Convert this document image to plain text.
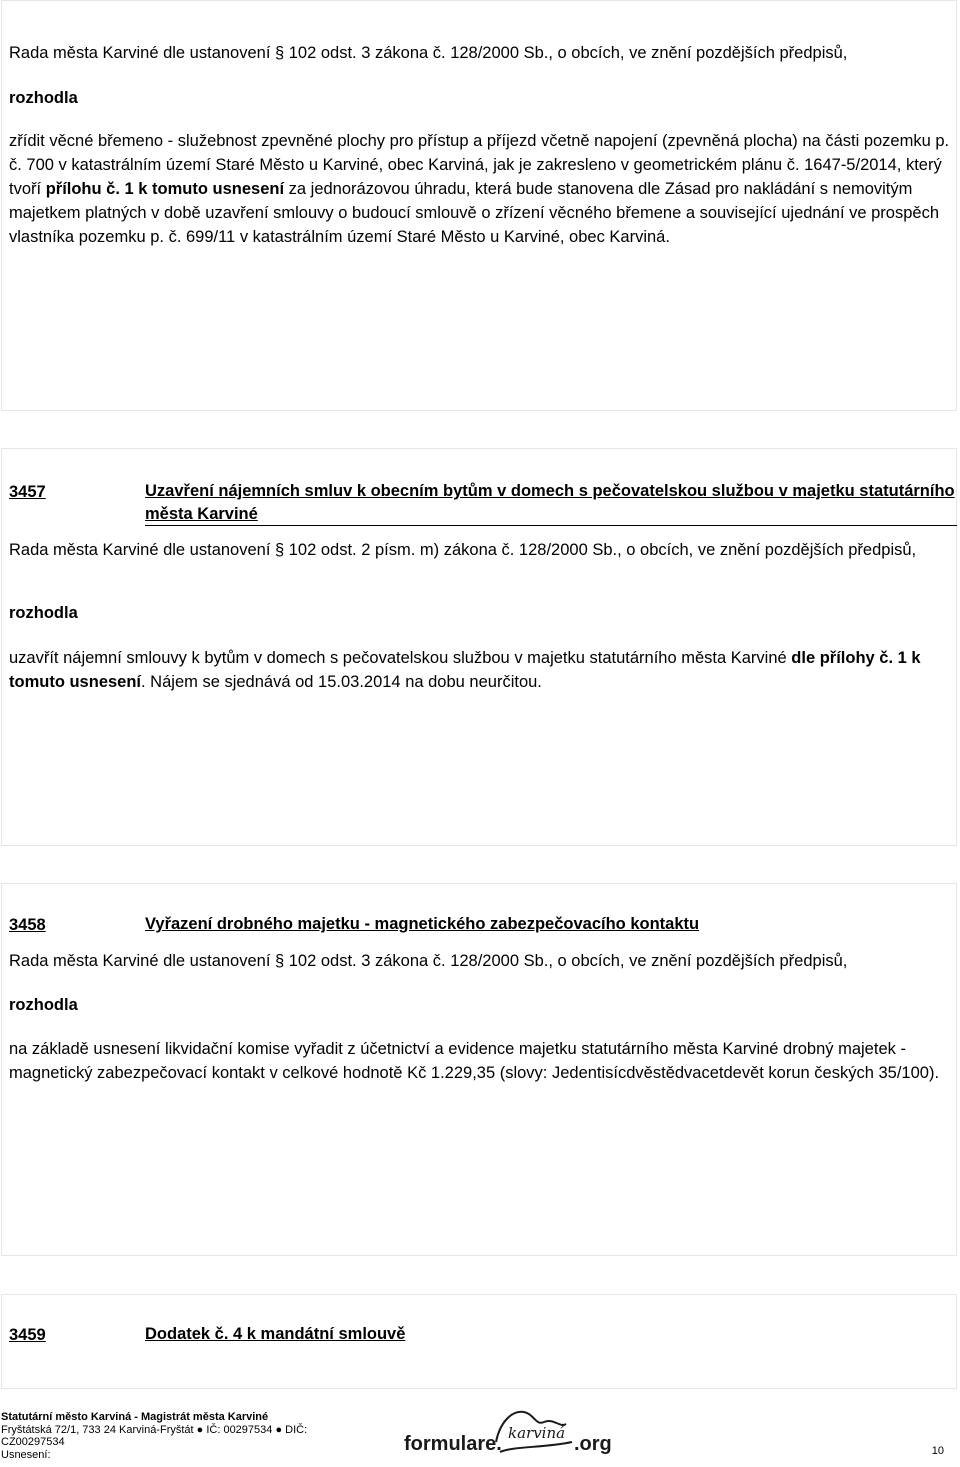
Rada města Karviné dle ustanovení § 102 odst. 3 zákona č. 128/2000 Sb., o obcích, ve znění pozdějších předpisů,

rozhodla

zřídit věcné břemeno - služebnost zpevněné plochy pro přístup a příjezd včetně napojení (zpevněná plocha) na části pozemku p. č. 700 v katastrálním území Staré Město u Karviné, obec Karviná, jak je zakresleno v geometrickém plánu č. 1647-5/2014, který tvoří přílohu č. 1 k tomuto usnesení za jednorázovou úhradu, která bude stanovena dle Zásad pro nakládání s nemovitým majetkem platných v době uzavření smlouvy o budoucí smlouvě o zřízení věcného břemene a související ujednání ve prospěch vlastníka pozemku p. č. 699/11 v katastrálním území Staré Město u Karviné, obec Karviná.

3457	Uzavření nájemních smluv k obecním bytům v domech s pečovatelskou službou v majetku statutárního města Karviné

Rada města Karviné dle ustanovení § 102 odst. 2 písm. m) zákona č. 128/2000 Sb., o obcích, ve znění pozdějších předpisů,

rozhodla

uzavřít nájemní smlouvy k bytům v domech s pečovatelskou službou v majetku statutárního města Karviné dle přílohy č. 1 k tomuto usnesení. Nájem se sjednává od 15.03.2014 na dobu neurčitou.

3458	Vyřazení drobného majetku - magnetického zabezpečovacího kontaktu

Rada města Karviné dle ustanovení § 102 odst. 3 zákona č. 128/2000 Sb., o obcích, ve znění pozdějších předpisů,

rozhodla

na základě usnesení likvidační komise vyřadit z účetnictví a evidence majetku statutárního města Karviné drobný majetek - magnetický zabezpečovací kontakt v celkové hodnotě Kč 1.229,35 (slovy: Jedentisícdvěstědvacetdevět korun českých 35/100).

3459	Dodatek č. 4 k mandátní smlouvě
Statutární město Karviná - Magistrát města Karviné
Fryštátská 72/1, 733 24 Karviná-Fryštát ● IČ: 00297534 ● DIČ: CZ00297534
Usnesení:	formulare. karviná .org	10
